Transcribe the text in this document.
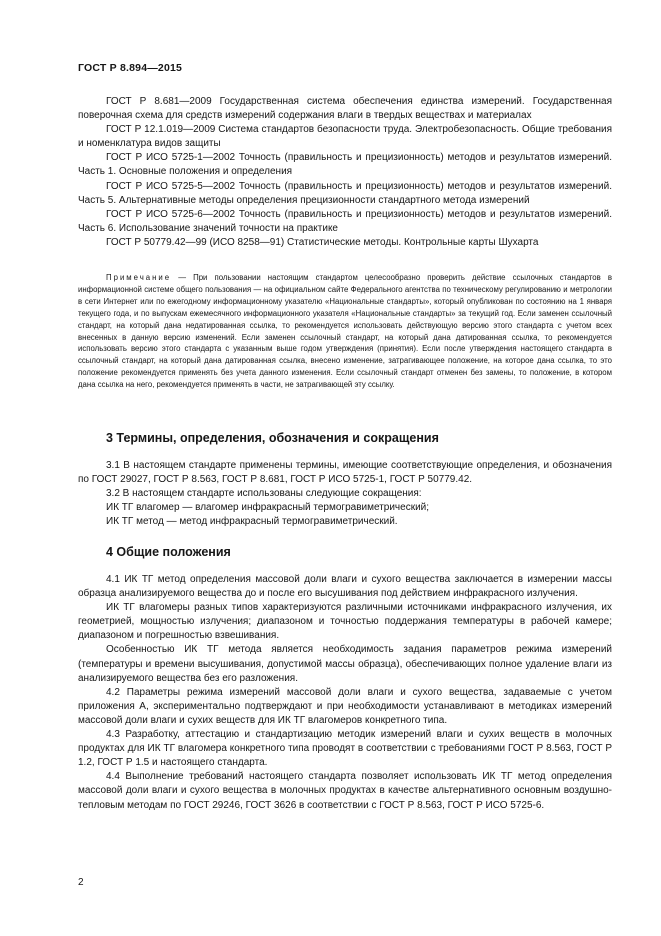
ГОСТ Р 8.894—2015

ГОСТ Р 8.681—2009 Государственная система обеспечения единства измерений. Государственная поверочная схема для средств измерений содержания влаги в твердых веществах и материалах

ГОСТ Р 12.1.019—2009 Система стандартов безопасности труда. Электробезопасность. Общие требования и номенклатура видов защиты

ГОСТ Р ИСО 5725-1—2002 Точность (правильность и прецизионность) методов и результатов измерений. Часть 1. Основные положения и определения

ГОСТ Р ИСО 5725-5—2002 Точность (правильность и прецизионность) методов и результатов измерений. Часть 5. Альтернативные методы определения прецизионности стандартного метода измерений

ГОСТ Р ИСО 5725-6—2002 Точность (правильность и прецизионность) методов и результатов измерений. Часть 6. Использование значений точности на практике

ГОСТ Р 50779.42—99 (ИСО 8258—91) Статистические методы. Контрольные карты Шухарта

Примечание — При пользовании настоящим стандартом целесообразно проверить действие ссылочных стандартов в информационной системе общего пользования — на официальном сайте Федерального агентства по техническому регулированию и метрологии в сети Интернет или по ежегодному информационному указателю «Национальные стандарты», который опубликован по состоянию на 1 января текущего года, и по выпускам ежемесячного информационного указателя «Национальные стандарты» за текущий год. Если заменен ссылочный стандарт, на который дана недатированная ссылка, то рекомендуется использовать действующую версию этого стандарта с учетом всех внесенных в данную версию изменений. Если заменен ссылочный стандарт, на который дана датированная ссылка, то рекомендуется использовать версию этого стандарта с указанным выше годом утверждения (принятия). Если после утверждения настоящего стандарта в ссылочный стандарт, на который дана датированная ссылка, внесено изменение, затрагивающее положение, на которое дана ссылка, то это положение рекомендуется применять без учета данного изменения. Если ссылочный стандарт отменен без замены, то положение, в котором дана ссылка на него, рекомендуется применять в части, не затрагивающей эту ссылку.

3 Термины, определения, обозначения и сокращения

3.1 В настоящем стандарте применены термины, имеющие соответствующие определения, и обозначения по ГОСТ 29027, ГОСТ Р 8.563, ГОСТ Р 8.681, ГОСТ Р ИСО 5725-1, ГОСТ Р 50779.42.

3.2 В настоящем стандарте использованы следующие сокращения:

ИК ТГ влагомер — влагомер инфракрасный термогравиметрический;

ИК ТГ метод — метод инфракрасный термогравиметрический.

4 Общие положения

4.1 ИК ТГ метод определения массовой доли влаги и сухого вещества заключается в измерении массы образца анализируемого вещества до и после его высушивания под действием инфракрасного излучения.

ИК ТГ влагомеры разных типов характеризуются различными источниками инфракрасного излучения, их геометрией, мощностью излучения; диапазоном и точностью поддержания температуры в рабочей камере; диапазоном и погрешностью взвешивания.

Особенностью ИК ТГ метода является необходимость задания параметров режима измерений (температуры и времени высушивания, допустимой массы образца), обеспечивающих полное удаление влаги из анализируемого вещества без его разложения.

4.2 Параметры режима измерений массовой доли влаги и сухого вещества, задаваемые с учетом приложения А, экспериментально подтверждают и при необходимости устанавливают в методиках измерений массовой доли влаги и сухих веществ для ИК ТГ влагомеров конкретного типа.

4.3 Разработку, аттестацию и стандартизацию методик измерений влаги и сухих веществ в молочных продуктах для ИК ТГ влагомера конкретного типа проводят в соответствии с требованиями ГОСТ Р 8.563, ГОСТ Р 1.2, ГОСТ Р 1.5 и настоящего стандарта.

4.4 Выполнение требований настоящего стандарта позволяет использовать ИК ТГ метод определения массовой доли влаги и сухого вещества в молочных продуктах в качестве альтернативного основным воздушно-тепловым методам по ГОСТ 29246, ГОСТ 3626 в соответствии с ГОСТ Р 8.563, ГОСТ Р ИСО 5725-6.

2
